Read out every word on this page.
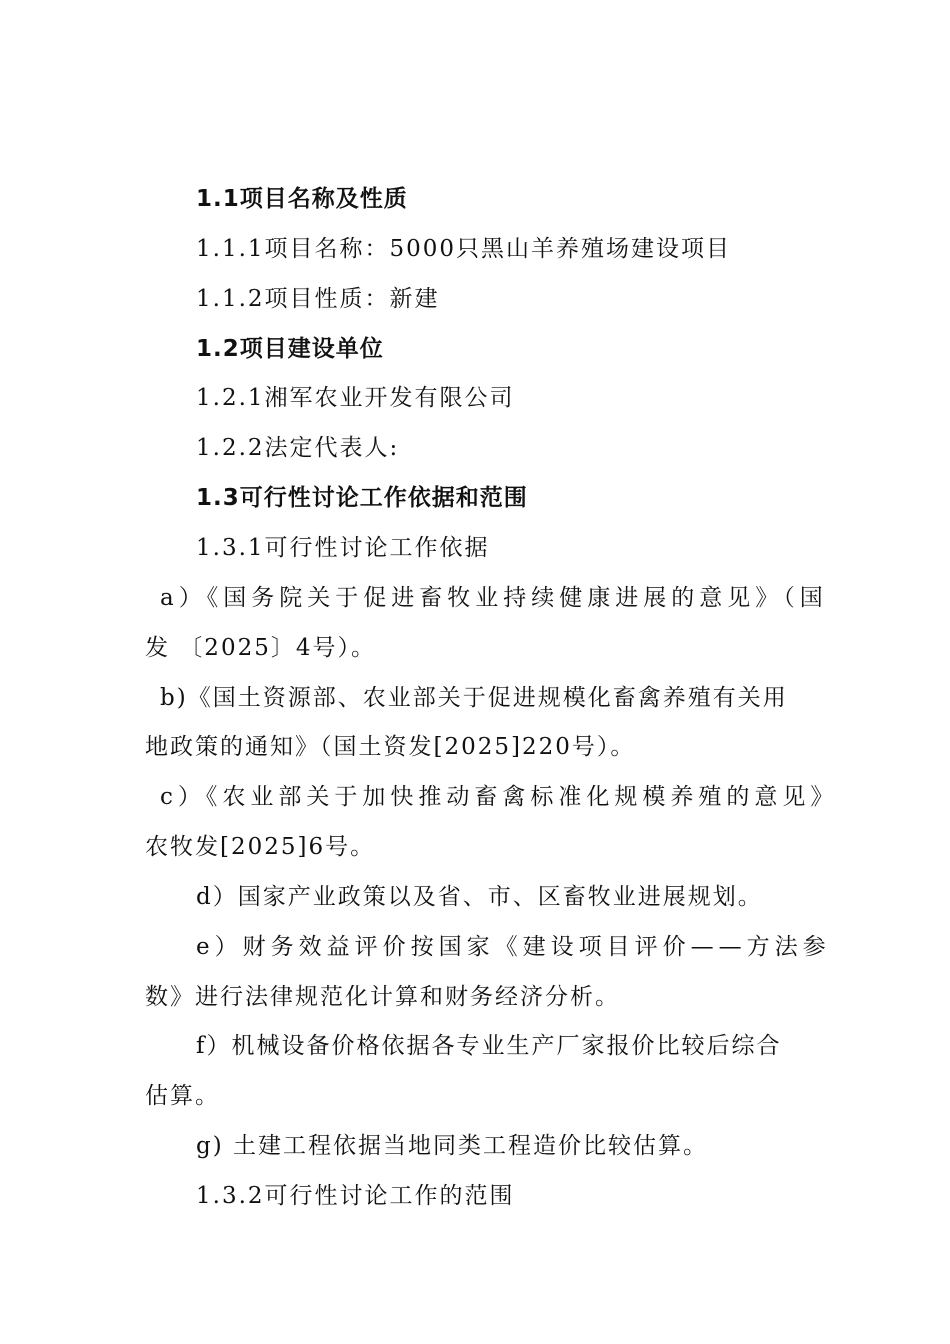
1.1项目名称及性质
1.1.1项目名称：5000只黑山羊养殖场建设项目
1.1.2项目性质：新建
1.2项目建设单位
1.2.1湘军农业开发有限公司
1.2.2法定代表人:
1.3可行性讨论工作依据和范围
1.3.1可行性讨论工作依据
a）《国务院关于促进畜牧业持续健康进展的意见》（国
发 〔2025〕4号）。
b)《国土资源部、农业部关于促进规模化畜禽养殖有关用
地政策的通知》（国土资发[2025]220号）。
c）《农业部关于加快推动畜禽标准化规模养殖的意见》
农牧发[2025]6号。
d）国家产业政策以及省、市、区畜牧业进展规划。
e）财务效益评价按国家《建设项目评价——方法参
数》进行法律规范化计算和财务经济分析。
f）机械设备价格依据各专业生产厂家报价比较后综合
估算。
g) 土建工程依据当地同类工程造价比较估算。
1.3.2可行性讨论工作的范围
